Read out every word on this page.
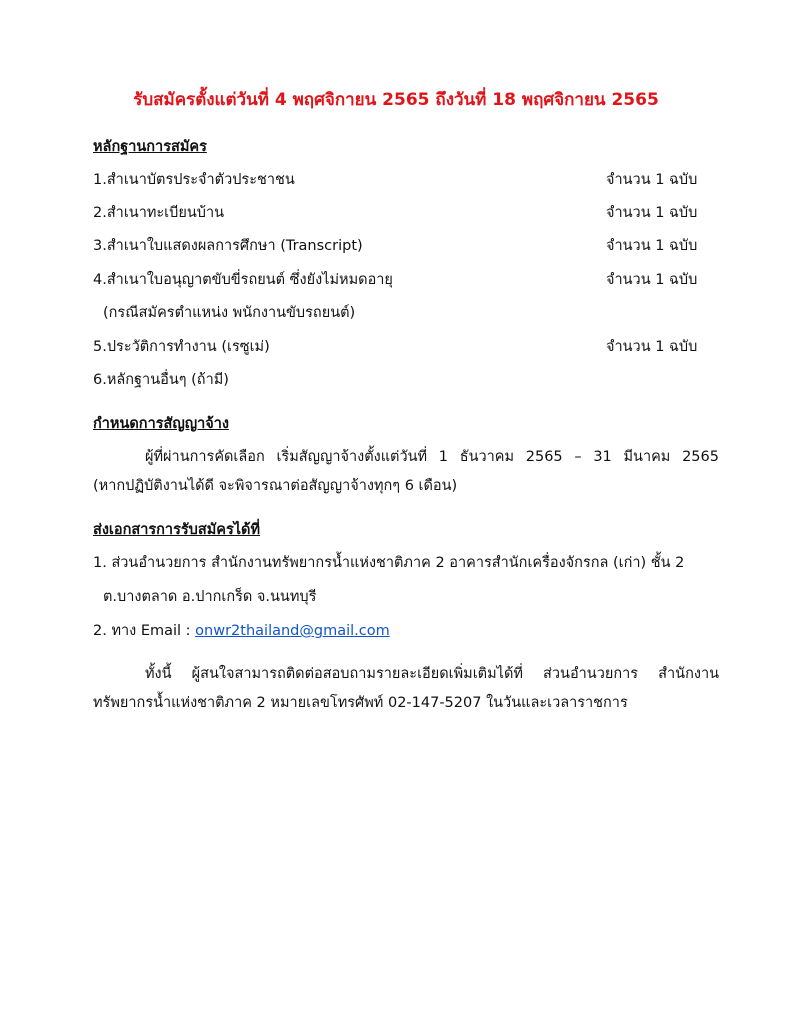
รับสมัครตั้งแต่วันที่ 4 พฤศจิกายน 2565 ถึงวันที่ 18 พฤศจิกายน 2565
หลักฐานการสมัคร
1.สำเนาบัตรประจำตัวประชาชน	จำนวน 1 ฉบับ
2.สำเนาทะเบียนบ้าน	จำนวน 1 ฉบับ
3.สำเนาใบแสดงผลการศึกษา (Transcript)	จำนวน 1 ฉบับ
4.สำเนาใบอนุญาตขับขี่รถยนต์ ซึ่งยังไม่หมดอายุ	จำนวน 1 ฉบับ
(กรณีสมัครตำแหน่ง พนักงานขับรถยนต์)
5.ประวัติการทำงาน (เรซูเม่)	จำนวน 1 ฉบับ
6.หลักฐานอื่นๆ (ถ้ามี)
กำหนดการสัญญาจ้าง
ผู้ที่ผ่านการคัดเลือก เริ่มสัญญาจ้างตั้งแต่วันที่ 1 ธันวาคม 2565 – 31 มีนาคม 2565
(หากปฏิบัติงานได้ดี จะพิจารณาต่อสัญญาจ้างทุกๆ 6 เดือน)
ส่งเอกสารการรับสมัครได้ที่
1. ส่วนอำนวยการ สำนักงานทรัพยากรน้ำแห่งชาติภาค 2 อาคารสำนักเครื่องจักรกล (เก่า) ชั้น 2
ต.บางตลาด อ.ปากเกร็ด จ.นนทบุรี
2. ทาง Email : onwr2thailand@gmail.com
ทั้งนี้ ผู้สนใจสามารถติดต่อสอบถามรายละเอียดเพิ่มเติมได้ที่ ส่วนอำนวยการ สำนักงาน
ทรัพยากรน้ำแห่งชาติภาค 2 หมายเลขโทรศัพท์ 02-147-5207 ในวันและเวลาราชการ
